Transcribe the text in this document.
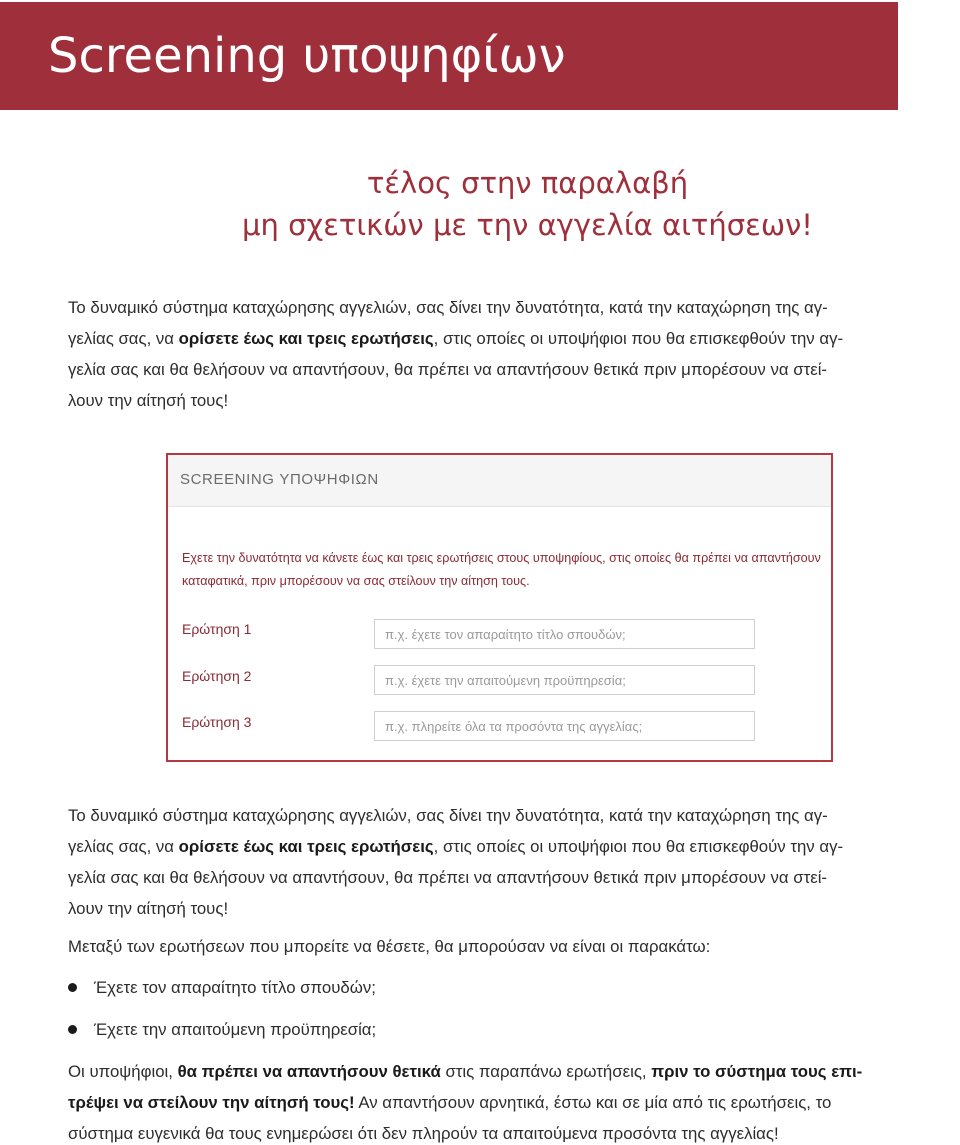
Screening υποψηφίων
τέλος στην παραλαβή
μη σχετικών με την αγγελία αιτήσεων!

Το δυναμικό σύστημα καταχώρησης αγγελιών, σας δίνει την δυνατότητα, κατά την καταχώρηση της αγ-
γελίας σας, να ορίσετε έως και τρεις ερωτήσεις, στις οποίες οι υποψήφιοι που θα επισκεφθούν την αγ-
γελία σας και θα θελήσουν να απαντήσουν, θα πρέπει να απαντήσουν θετικά πριν μπορέσουν να στεί-
λουν την αίτησή τους!

SCREENING ΥΠΟΨΗΦΙΩΝ
Εχετε την δυνατότητα να κάνετε έως και τρεις ερωτήσεις στους υποψηφίους, στις οποίες θα πρέπει να απαντήσουν
καταφατικά, πριν μπορέσουν να σας στείλουν την αίτηση τους.
Ερώτηση 1
π.χ. έχετε τον απαραίτητο τίτλο σπουδών;
Ερώτηση 2
π.χ. έχετε την απαιτούμενη προϋπηρεσία;
Ερώτηση 3
π.χ. πληρείτε όλα τα προσόντα της αγγελίας;

Το δυναμικό σύστημα καταχώρησης αγγελιών, σας δίνει την δυνατότητα, κατά την καταχώρηση της αγ-
γελίας σας, να ορίσετε έως και τρεις ερωτήσεις, στις οποίες οι υποψήφιοι που θα επισκεφθούν την αγ-
γελία σας και θα θελήσουν να απαντήσουν, θα πρέπει να απαντήσουν θετικά πριν μπορέσουν να στεί-
λουν την αίτησή τους!

Μεταξύ των ερωτήσεων που μπορείτε να θέσετε, θα μπορούσαν να είναι οι παρακάτω:

Έχετε τον απαραίτητο τίτλο σπουδών;
Έχετε την απαιτούμενη προϋπηρεσία;

Οι υποψήφιοι, θα πρέπει να απαντήσουν θετικά στις παραπάνω ερωτήσεις, πριν το σύστημα τους επι-
τρέψει να στείλουν την αίτησή τους! Αν απαντήσουν αρνητικά, έστω και σε μία από τις ερωτήσεις, το
σύστημα ευγενικά θα τους ενημερώσει ότι δεν πληρούν τα απαιτούμενα προσόντα της αγγελίας!
